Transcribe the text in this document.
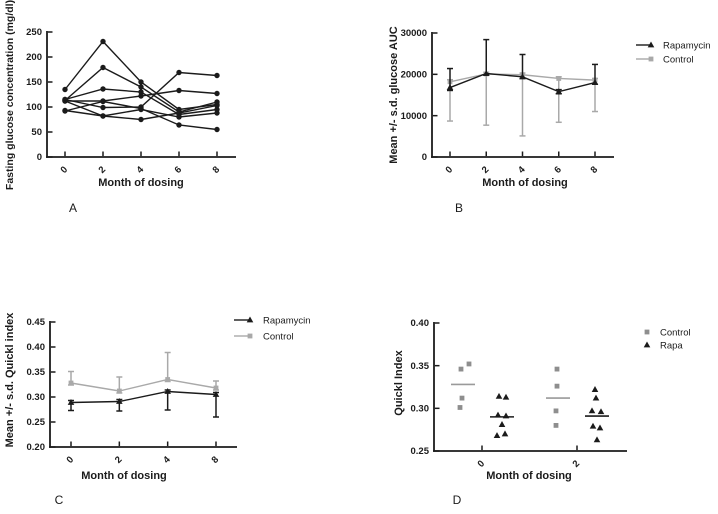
0
50
100
150
200
250
0	2	4	6	8
Fasting glucose concentration (mg/dl)	Month of dosing
A
0
10000
20000
30000
0	2	4	6	8
Mean +/- s.d. glucose AUC
Month of dosing
B
Rapamycin
Control
0.20
0.25
0.30
0.35
0.40
0.45
0	2	4	8
Mean +/- s.d. Quickl index
Month of dosing
C
Rapamycin
Control
0.25
0.30
0.35
0.40
0	2
Quickl Index
Month of dosing
D
Control
Rapa
